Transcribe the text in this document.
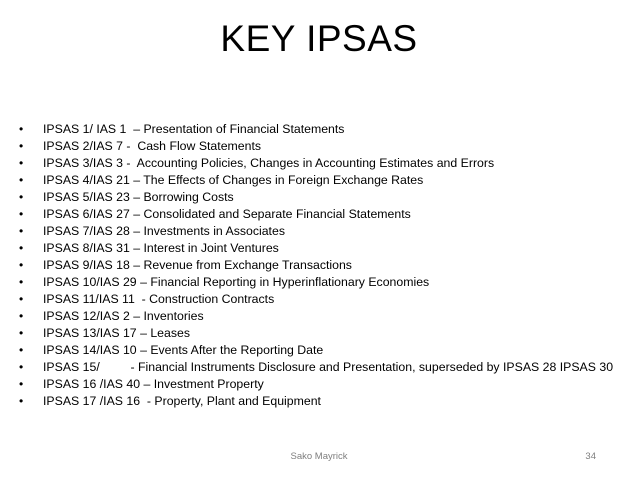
KEY IPSAS
•	IPSAS 1/ IAS 1  – Presentation of Financial Statements
•	IPSAS 2/IAS 7 -  Cash Flow Statements
•	IPSAS 3/IAS 3 -  Accounting Policies, Changes in Accounting Estimates and Errors
•	IPSAS 4/IAS 21 – The Effects of Changes in Foreign Exchange Rates
•	IPSAS 5/IAS 23 – Borrowing Costs
•	IPSAS 6/IAS 27 – Consolidated and Separate Financial Statements
•	IPSAS 7/IAS 28 – Investments in Associates
•	IPSAS 8/IAS 31 – Interest in Joint Ventures
•	IPSAS 9/IAS 18 – Revenue from Exchange Transactions
•	IPSAS 10/IAS 29 – Financial Reporting in Hyperinflationary Economies
•	IPSAS 11/IAS 11  - Construction Contracts
•	IPSAS 12/IAS 2 – Inventories
•	IPSAS 13/IAS 17 – Leases
•	IPSAS 14/IAS 10 – Events After the Reporting Date
•	IPSAS 15/         - Financial Instruments Disclosure and Presentation, superseded by IPSAS 28 IPSAS 30
•	IPSAS 16 /IAS 40 – Investment Property
•	IPSAS 17 /IAS 16  - Property, Plant and Equipment
Sako Mayrick	34
